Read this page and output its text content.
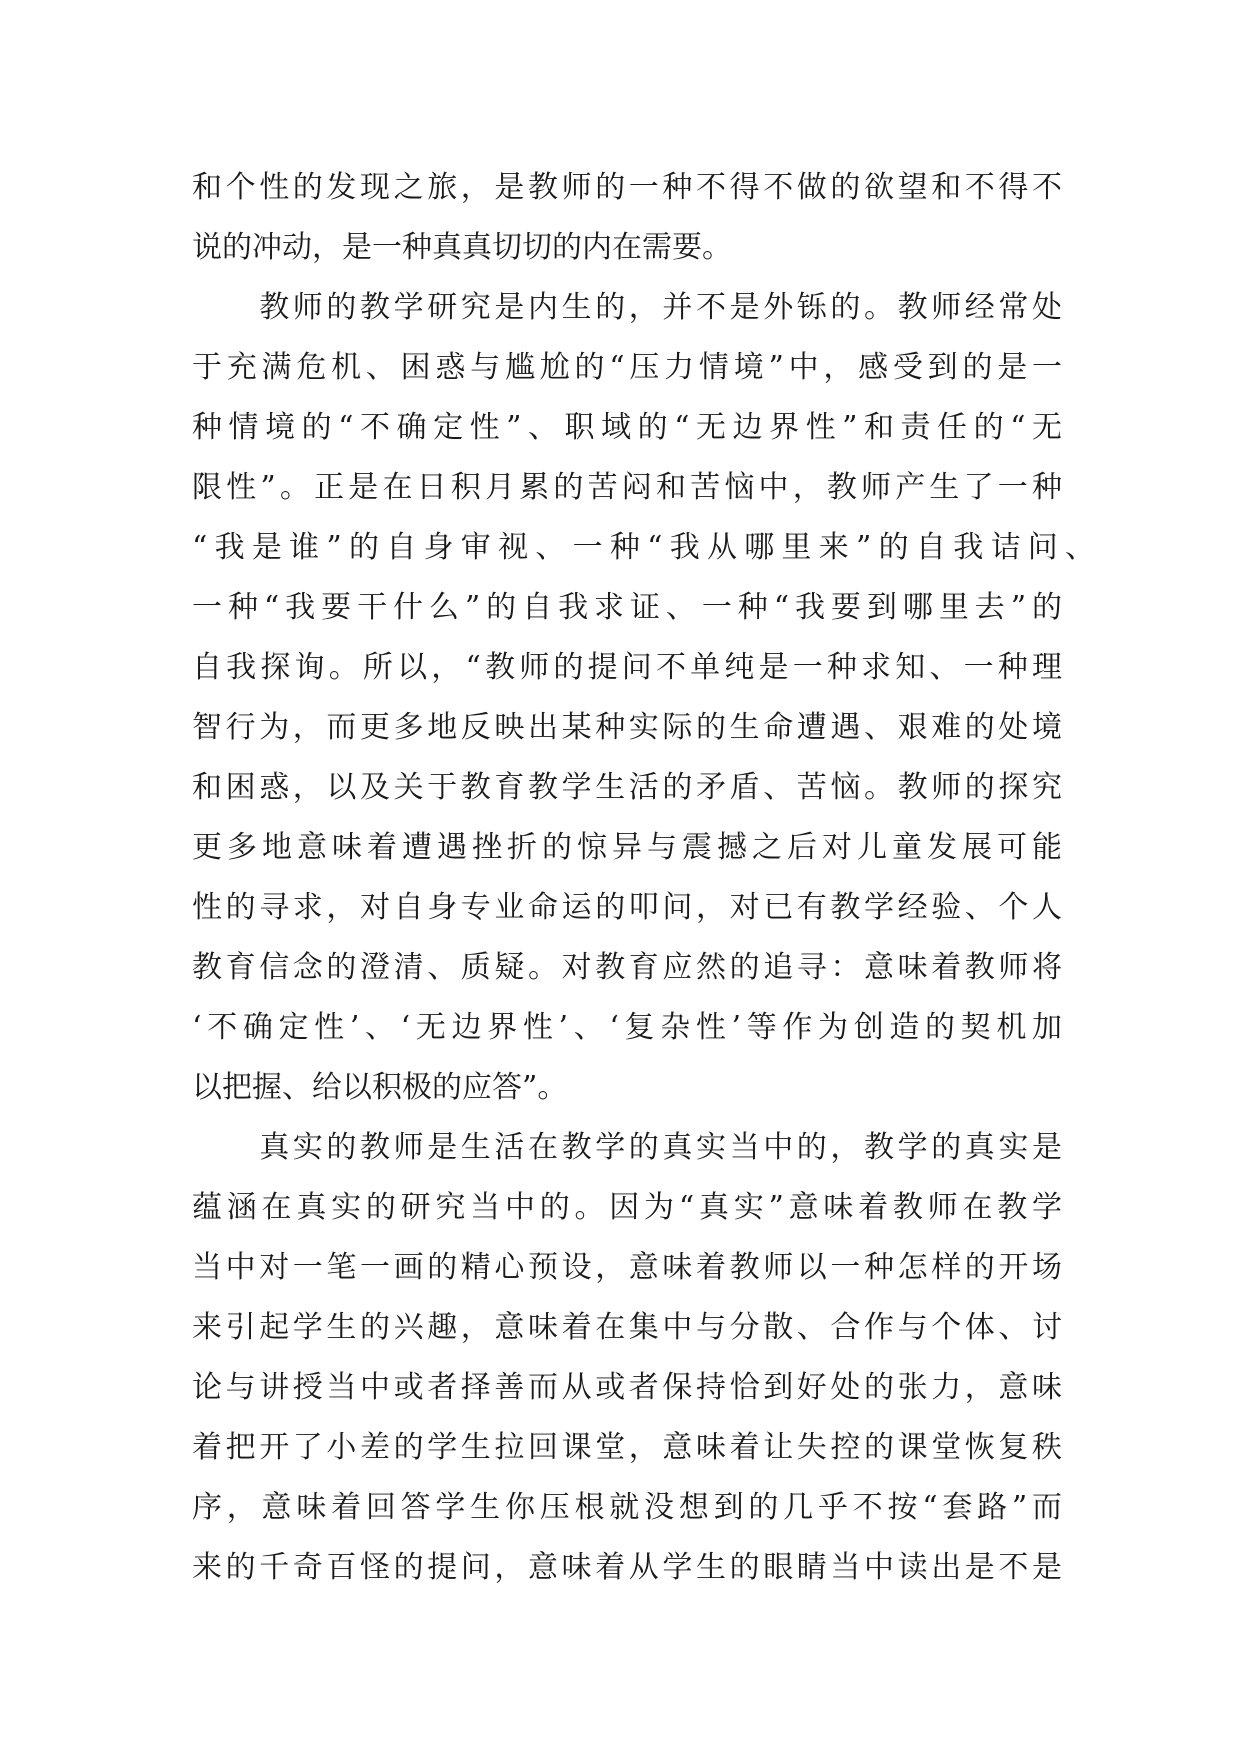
和个性的发现之旅，是教师的一种不得不做的欲望和不得不
说的冲动，是一种真真切切的内在需要。
　　教师的教学研究是内生的，并不是外铄的。教师经常处
于充满危机、困惑与尴尬的“压力情境”中，感受到的是一
种情境的“不确定性”、职域的“无边界性”和责任的“无
限性”。正是在日积月累的苦闷和苦恼中，教师产生了一种
“我是谁”的自身审视、一种“我从哪里来”的自我诘问、
一种“我要干什么”的自我求证、一种“我要到哪里去”的
自我探询。所以，“教师的提问不单纯是一种求知、一种理
智行为，而更多地反映出某种实际的生命遭遇、艰难的处境
和困惑，以及关于教育教学生活的矛盾、苦恼。教师的探究
更多地意味着遭遇挫折的惊异与震撼之后对儿童发展可能
性的寻求，对自身专业命运的叩问，对已有教学经验、个人
教育信念的澄清、质疑。对教育应然的追寻：意味着教师将
‘不确定性’、‘无边界性’、‘复杂性’等作为创造的契机加
以把握、给以积极的应答”。
　　真实的教师是生活在教学的真实当中的，教学的真实是
蕴涵在真实的研究当中的。因为“真实”意味着教师在教学
当中对一笔一画的精心预设，意味着教师以一种怎样的开场
来引起学生的兴趣，意味着在集中与分散、合作与个体、讨
论与讲授当中或者择善而从或者保持恰到好处的张力，意味
着把开了小差的学生拉回课堂，意味着让失控的课堂恢复秩
序，意味着回答学生你压根就没想到的几乎不按“套路”而
来的千奇百怪的提问，意味着从学生的眼睛当中读出是不是
